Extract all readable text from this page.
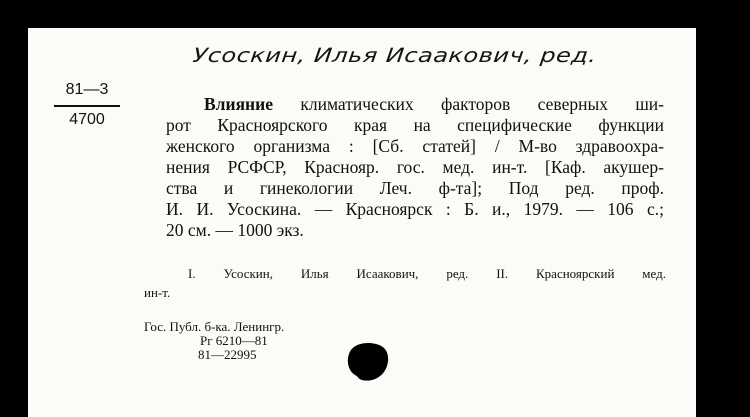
Усоскин, Илья Исаакович, ред.
81—3
4700
Влияние климатических факторов северных ши-
рот Красноярского края на специфические функции
женского организма : [Сб. статей] / М-во здравоохра-
нения РСФСР, Краснояр. гос. мед. ин-т. [Каф. акушер-
ства и гинекологии Леч. ф-та]; Под ред. проф.
И. И. Усоскина. — Красноярск : Б. и., 1979. — 106 с.;
20 см. — 1000 экз.
I. Усоскин, Илья Исаакович, ред. II. Красноярский мед.
ин-т.
Гос. Публ. б-ка. Ленингр.
Рг 6210—81
81—22995
